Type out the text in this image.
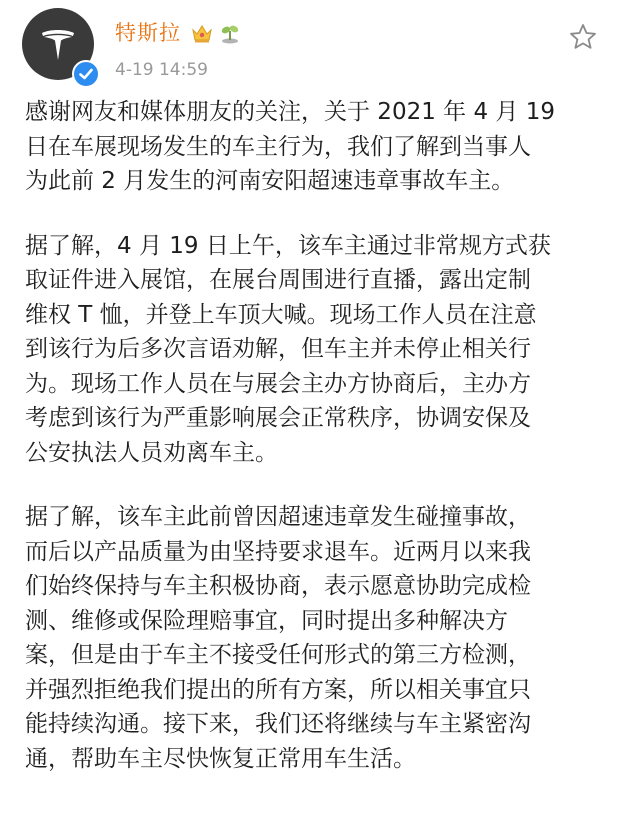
特斯拉
4-19 14:59

感谢网友和媒体朋友的关注，关于 2021 年 4 月 19
日在车展现场发生的车主行为，我们了解到当事人
为此前 2 月发生的河南安阳超速违章事故车主。

据了解，4 月 19 日上午，该车主通过非常规方式获
取证件进入展馆，在展台周围进行直播，露出定制
维权 T 恤，并登上车顶大喊。现场工作人员在注意
到该行为后多次言语劝解，但车主并未停止相关行
为。现场工作人员在与展会主办方协商后，主办方
考虑到该行为严重影响展会正常秩序，协调安保及
公安执法人员劝离车主。

据了解，该车主此前曾因超速违章发生碰撞事故，
而后以产品质量为由坚持要求退车。近两月以来我
们始终保持与车主积极协商，表示愿意协助完成检
测、维修或保险理赔事宜，同时提出多种解决方
案，但是由于车主不接受任何形式的第三方检测，
并强烈拒绝我们提出的所有方案，所以相关事宜只
能持续沟通。接下来，我们还将继续与车主紧密沟
通，帮助车主尽快恢复正常用车生活。
